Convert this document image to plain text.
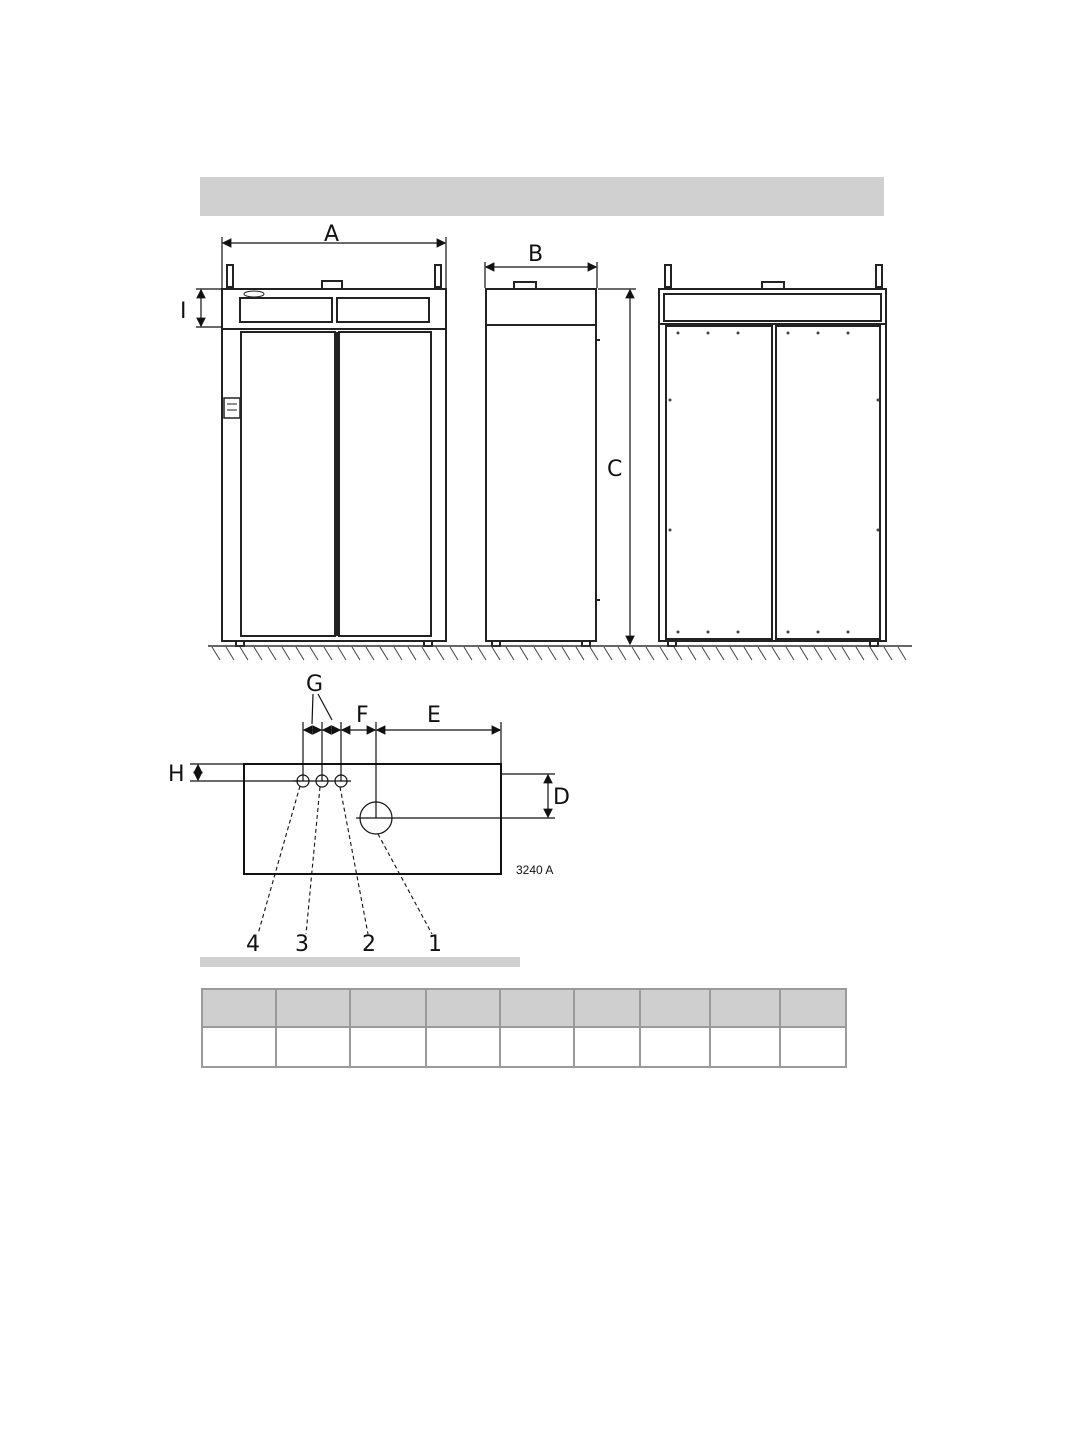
A
I
B
C
G
F	E
H
D
3240 A
4 3 2 1
